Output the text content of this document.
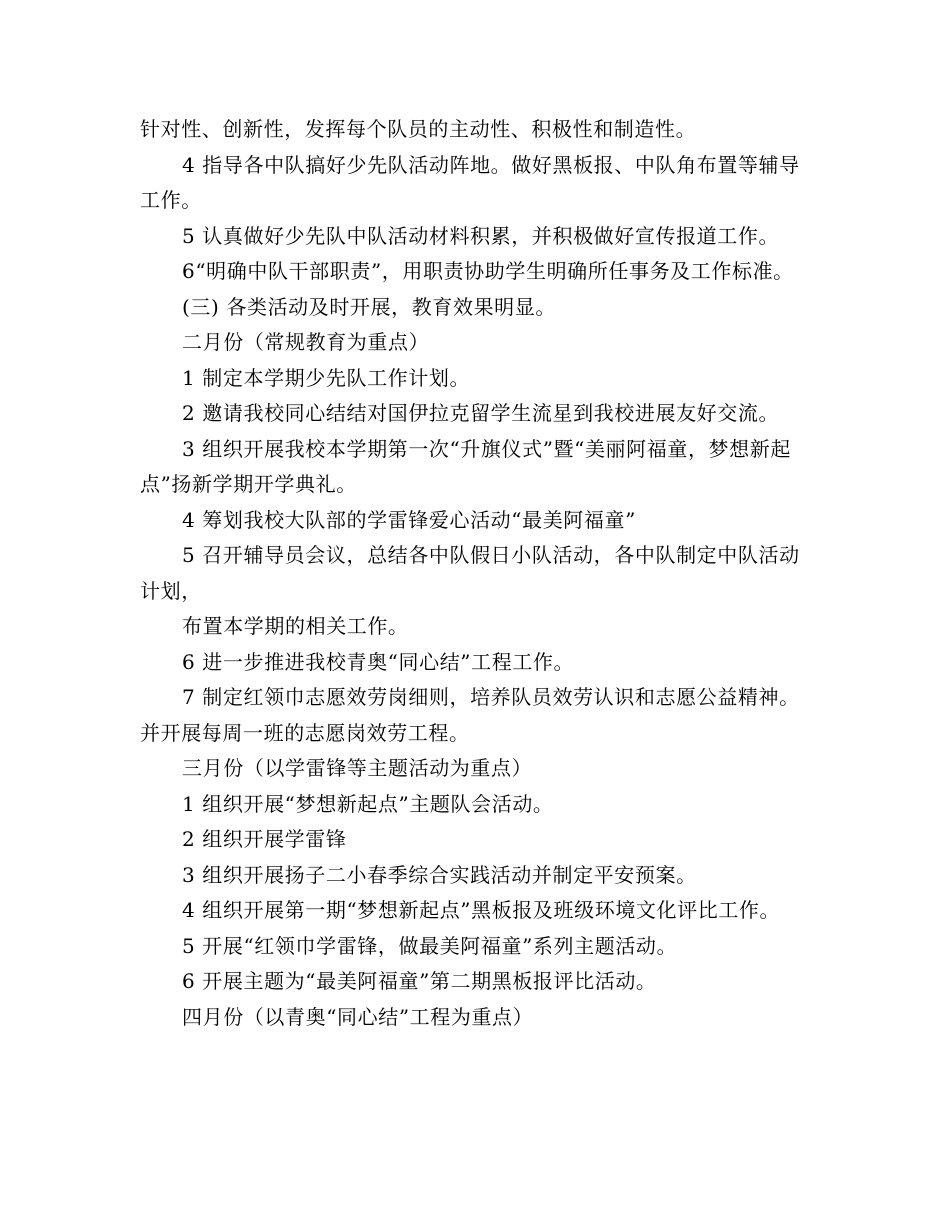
针对性、创新性，发挥每个队员的主动性、积极性和制造性。

4 指导各中队搞好少先队活动阵地。做好黑板报、中队角布置等辅导工作。

5 认真做好少先队中队活动材料积累，并积极做好宣传报道工作。

6“明确中队干部职责”，用职责协助学生明确所任事务及工作标准。

(三) 各类活动及时开展，教育效果明显。

二月份（常规教育为重点）

1 制定本学期少先队工作计划。

2 邀请我校同心结结对国伊拉克留学生流星到我校进展友好交流。

3 组织开展我校本学期第一次“升旗仪式”暨“美丽阿福童，梦想新起点”扬新学期开学典礼。

4 筹划我校大队部的学雷锋爱心活动“最美阿福童”

5 召开辅导员会议，总结各中队假日小队活动，各中队制定中队活动计划，

布置本学期的相关工作。

6 进一步推进我校青奥“同心结”工程工作。

7 制定红领巾志愿效劳岗细则，培养队员效劳认识和志愿公益精神。并开展每周一班的志愿岗效劳工程。

三月份（以学雷锋等主题活动为重点）

1 组织开展“梦想新起点”主题队会活动。

2 组织开展学雷锋

3 组织开展扬子二小春季综合实践活动并制定平安预案。

4 组织开展第一期“梦想新起点”黑板报及班级环境文化评比工作。

5 开展“红领巾学雷锋，做最美阿福童”系列主题活动。

6 开展主题为“最美阿福童”第二期黑板报评比活动。

四月份（以青奥“同心结”工程为重点）
